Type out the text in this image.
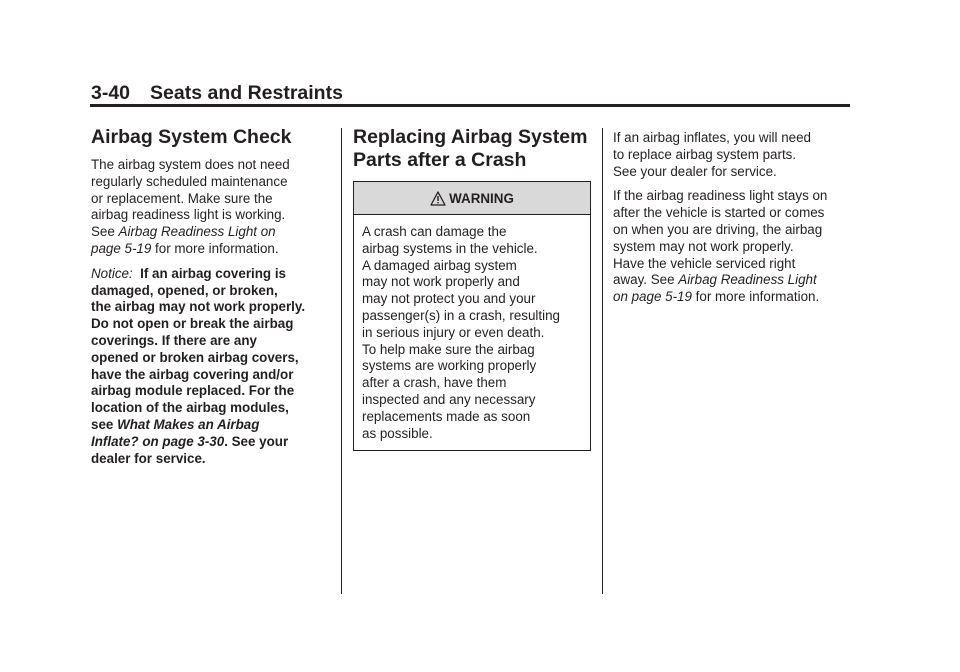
3-40 Seats and Restraints
Airbag System Check

The airbag system does not need
regularly scheduled maintenance
or replacement. Make sure the
airbag readiness light is working.
See Airbag Readiness Light on
page 5-19 for more information.

Notice: If an airbag covering is
damaged, opened, or broken,
the airbag may not work properly.
Do not open or break the airbag
coverings. If there are any
opened or broken airbag covers,
have the airbag covering and/or
airbag module replaced. For the
location of the airbag modules,
see What Makes an Airbag
Inflate? on page 3-30. See your
dealer for service.

Replacing Airbag System
Parts after a Crash
WARNING
A crash can damage the
airbag systems in the vehicle.
A damaged airbag system
may not work properly and
may not protect you and your
passenger(s) in a crash, resulting
in serious injury or even death.
To help make sure the airbag
systems are working properly
after a crash, have them
inspected and any necessary
replacements made as soon
as possible.

If an airbag inflates, you will need
to replace airbag system parts.
See your dealer for service.

If the airbag readiness light stays on
after the vehicle is started or comes
on when you are driving, the airbag
system may not work properly.
Have the vehicle serviced right
away. See Airbag Readiness Light
on page 5-19 for more information.
